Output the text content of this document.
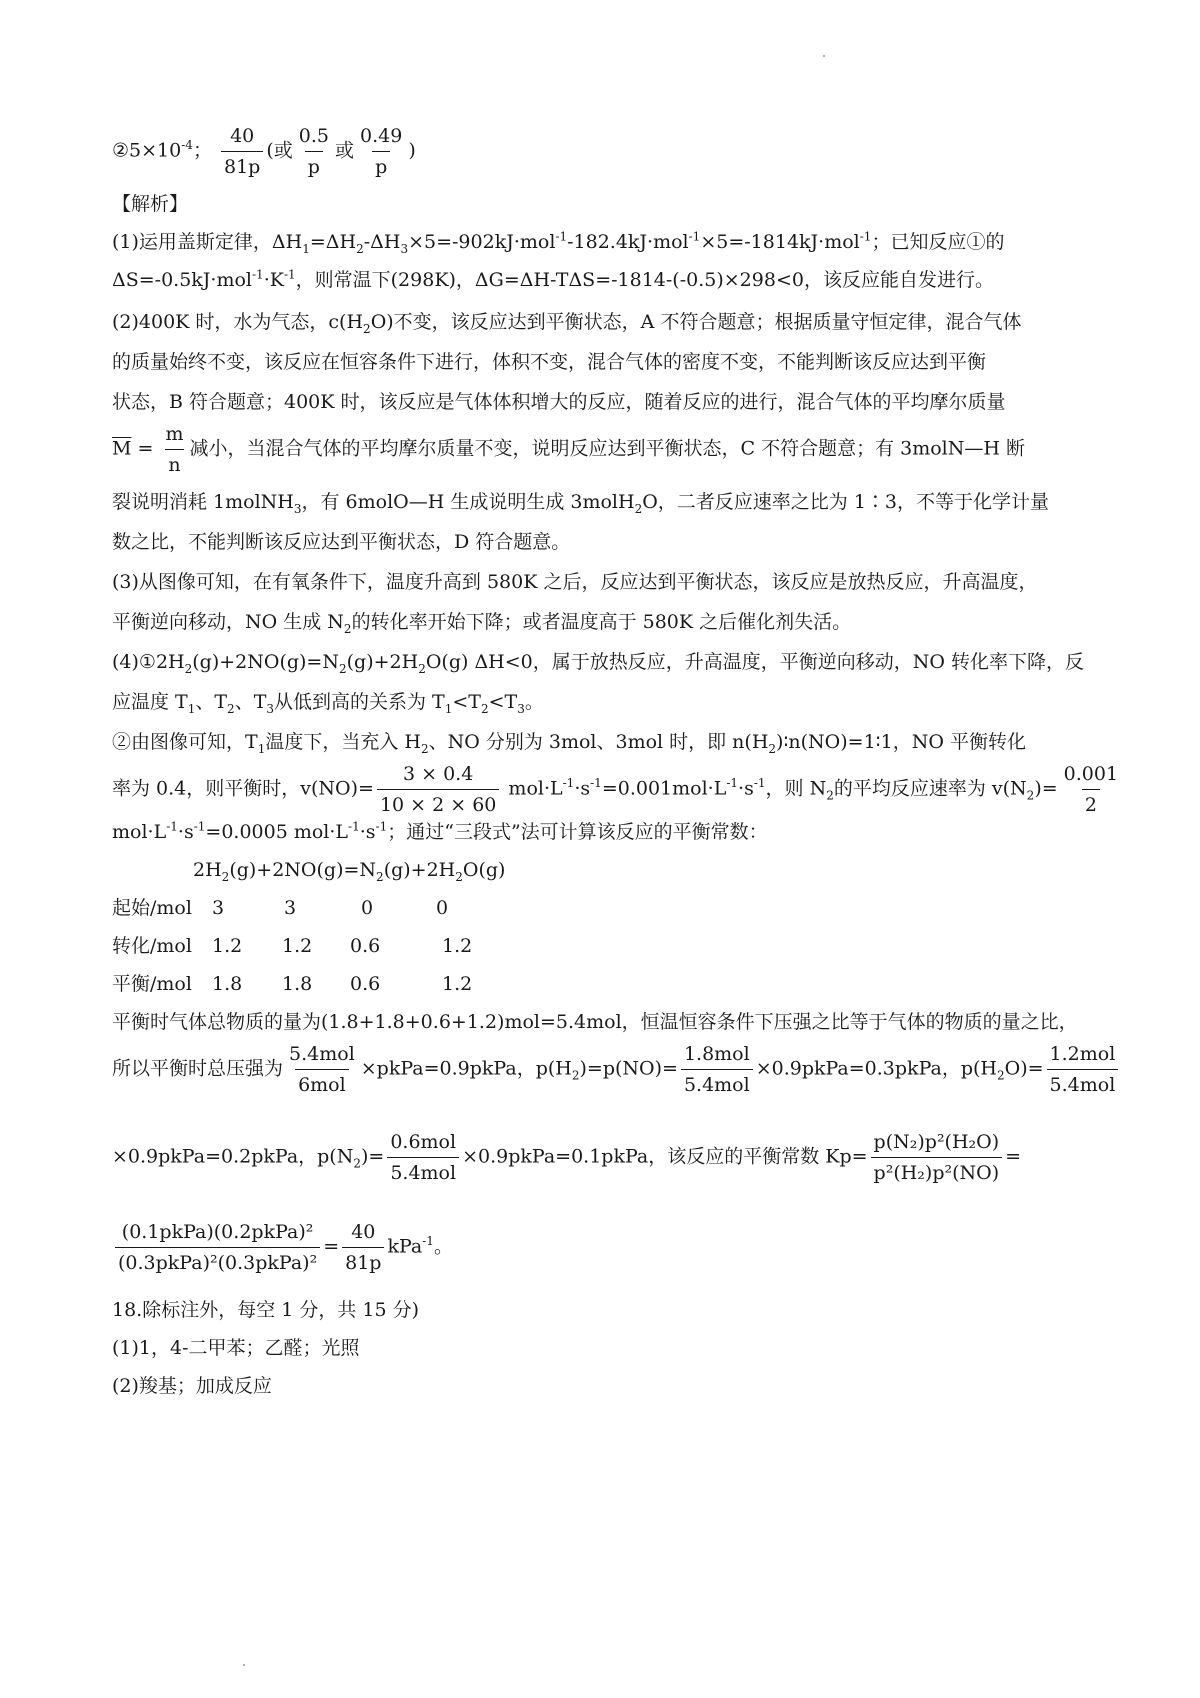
$②5\times 10^{-4}$； $\frac{40}{81p}$ (或 $\frac{0.5}{p}$ 或 $\frac{0.49}{p}$ )
【解析】
(1)运用盖斯定律，$\Delta H_1=\Delta H_2-\Delta H_3\times 5=-902kJ\cdot mol^{-1}-182.4kJ\cdot mol^{-1}\times 5=-1814kJ\cdot mol^{-1}$；已知反应①的
$\Delta S=-0.5kJ\cdot mol^{-1}\cdot K^{-1}$，则常温下(298K)，ΔG=ΔH-TΔS=-1814-(-0.5)×298<0，该反应能自发进行。
(2)400K 时，水为气态，$c(H_2O)$不变，该反应达到平衡状态，A 不符合题意；根据质量守恒定律，混合气体
的质量始终不变，该反应在恒容条件下进行，体积不变，混合气体的密度不变，不能判断该反应达到平衡
状态，B 符合题意；400K 时，该反应是气体体积增大的反应，随着反应的进行，混合气体的平均摩尔质量
$\overline{M} = \frac{m}{n}$ 减小，当混合气体的平均摩尔质量不变，说明反应达到平衡状态，C 不符合题意；有 3molN—H 断
裂说明消耗 1molNH$_3$，有 6molO—H 生成说明生成 3molH$_2$O，二者反应速率之比为 1∶3，不等于化学计量
数之比，不能判断该反应达到平衡状态，D 符合题意。
(3)从图像可知，在有氧条件下，温度升高到 580K 之后，反应达到平衡状态，该反应是放热反应，升高温度，
平衡逆向移动，NO 生成 $N_2$的转化率开始下降；或者温度高于 580K 之后催化剂失活。
$(4)①2H_2(g)+2NO(g)=N_2(g)+2H_2O(g)$ ΔH<0，属于放热反应，升高温度，平衡逆向移动，NO 转化率下降，反
应温度 $T_1$、$T_2$、$T_3$从低到高的关系为 $T_1<T_2<T_3$。
②由图像可知，$T_1$温度下，当充入 $H_2$、NO 分别为 3mol、3mol 时，即 $n(H_2)∶n(NO)=1∶1$，NO 平衡转化
率为 0.4，则平衡时，$v(NO)= \frac{3 \times 0.4}{10 \times 2 \times 60} mol\cdot L^{-1}\cdot s^{-1}=0.001mol\cdot L^{-1}\cdot s^{-1}$，则 $N_2$的平均反应速率为 $v(N_2)= \frac{0.001}{2}$
$mol\cdot L^{-1}\cdot s^{-1}=0.0005$ $mol\cdot L^{-1}\cdot s^{-1}$；通过“三段式”法可计算该反应的平衡常数：
$2H_2(g)+2NO(g)=N_2(g)+2H_2O(g)$
起始/mol 3	3	0	0
转化/mol 1.2 1.2 0.6	1.2
平衡/mol 1.8 1.8 0.6	1.2
平衡时气体总物质的量为(1.8+1.8+0.6+1.2)mol=5.4mol，恒温恒容条件下压强之比等于气体的物质的量之比，
所以平衡时总压强为 $\frac{\text{5.4mol}}{\text{6mol}}$ ×pkPa=0.9pkPa，$p(H_2)=p(NO)= \frac{\text{1.8mol}}{\text{5.4mol}}$ ×0.9pkPa=0.3pkPa，$p(H_2O)= \frac{\text{1.2mol}}{\text{5.4mol}}$
×0.9pkPa=0.2pkPa，$p(N_2)= \frac{\text{0.6mol}}{\text{5.4mol}}$ ×0.9pkPa=0.1pkPa，该反应的平衡常数 $Kp= \frac{\text{p(N₂)p²(H₂O)}}{\text{p²(H₂)p²(NO)}}$ =
$\frac{\text{(0.1pkPa)(0.2pkPa)²}}{\text{(0.3pkPa)²(0.3pkPa)²}} = \frac{40}{81p} kPa^{-1}$。
18.除标注外，每空 1 分，共 15 分)
(1)1，4-二甲苯；乙醛；光照
(2)羧基；加成反应
